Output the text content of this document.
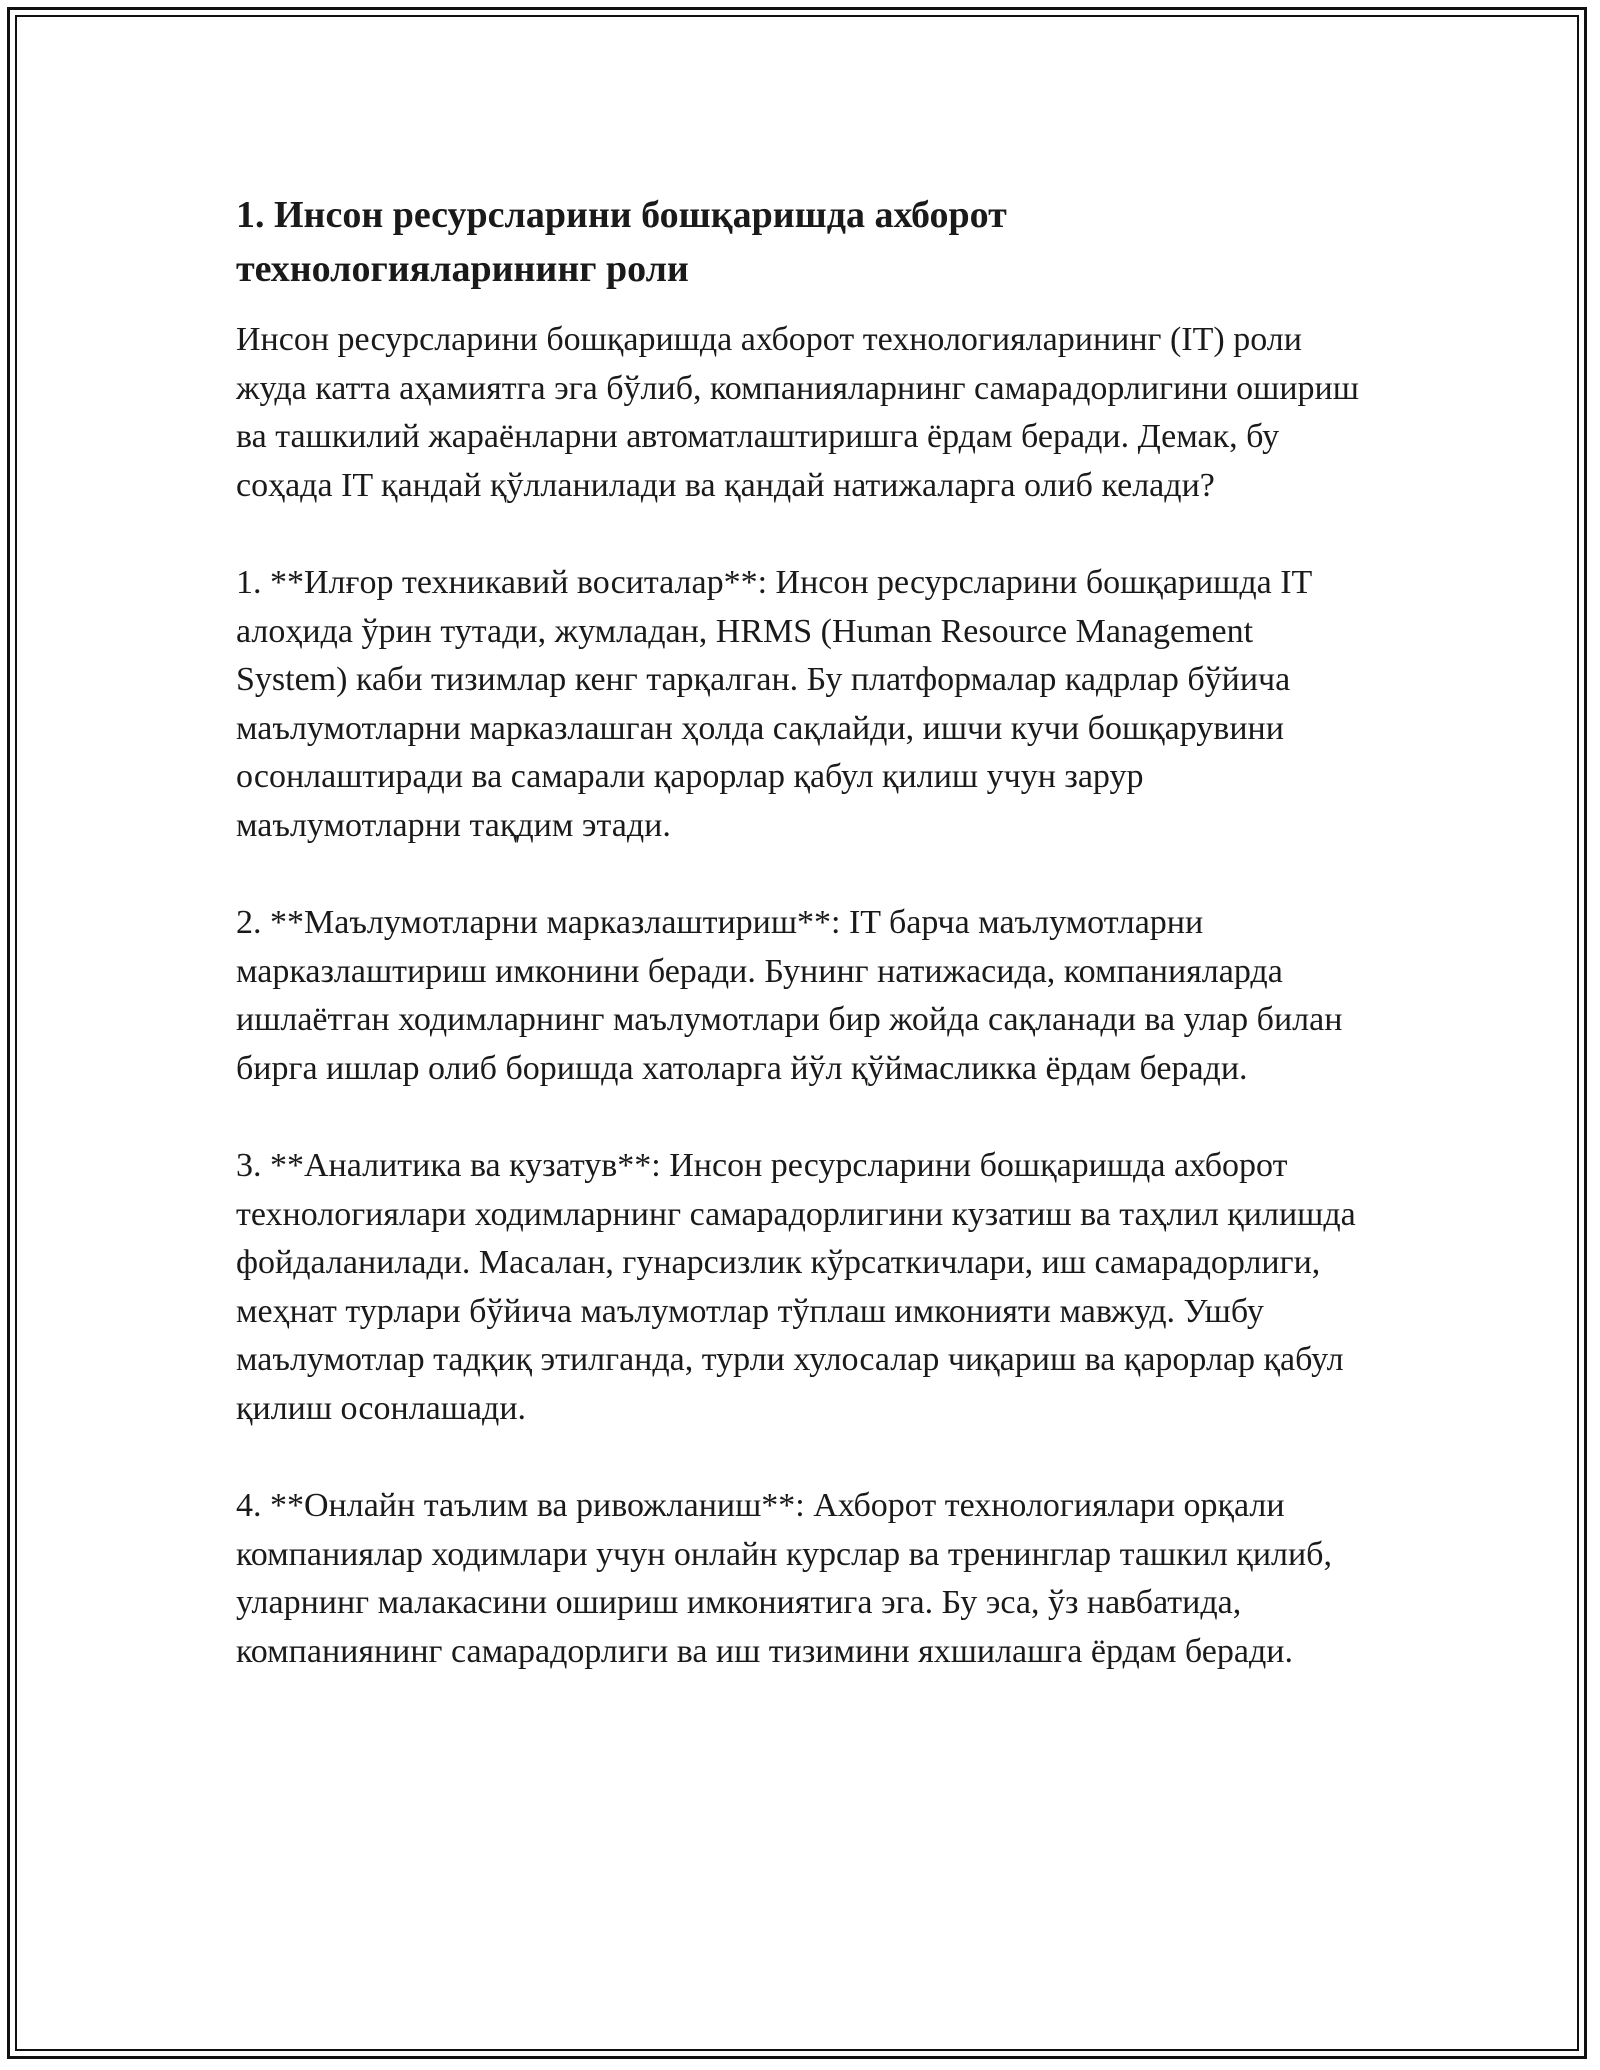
1. Инсон ресурсларини бошқаришда ахборот технологияларининг роли

Инсон ресурсларини бошқаришда ахборот технологияларининг (IT) роли жуда катта аҳамиятга эга бўлиб, компанияларнинг самарадорлигини ошириш ва ташкилий жараёнларни автоматлаштиришга ёрдам беради. Демак, бу соҳада IT қандай қўлланилади ва қандай натижаларга олиб келади?

1. **Илғор техникавий воситалар**: Инсон ресурсларини бошқаришда IT алоҳида ўрин тутади, жумладан, HRMS (Human Resource Management System) каби тизимлар кенг тарқалган. Бу платформалар кадрлар бўйича маълумотларни марказлашган ҳолда сақлайди, ишчи кучи бошқарувини осонлаштиради ва самарали қарорлар қабул қилиш учун зарур маълумотларни тақдим этади.

2. **Маълумотларни марказлаштириш**: IT барча маълумотларни марказлаштириш имконини беради. Бунинг натижасида, компанияларда ишлаётган ходимларнинг маълумотлари бир жойда сақланади ва улар билан бирга ишлар олиб боришда хатоларга йўл қўймасликка ёрдам беради.

3. **Аналитика ва кузатув**: Инсон ресурсларини бошқаришда ахборот технологиялари ходимларнинг самарадорлигини кузатиш ва таҳлил қилишда фойдаланилади. Масалан, гунарсизлик кўрсаткичлари, иш самарадорлиги, меҳнат турлари бўйича маълумотлар тўплаш имконияти мавжуд. Ушбу маълумотлар тадқиқ этилганда, турли хулосалар чиқариш ва қарорлар қабул қилиш осонлашади.

4. **Онлайн таълим ва ривожланиш**: Ахборот технологиялари орқали компаниялар ходимлари учун онлайн курслар ва тренинглар ташкил қилиб, уларнинг малакасини ошириш имкониятига эга. Бу эса, ўз навбатида, компаниянинг самарадорлиги ва иш тизимини яхшилашга ёрдам беради.
